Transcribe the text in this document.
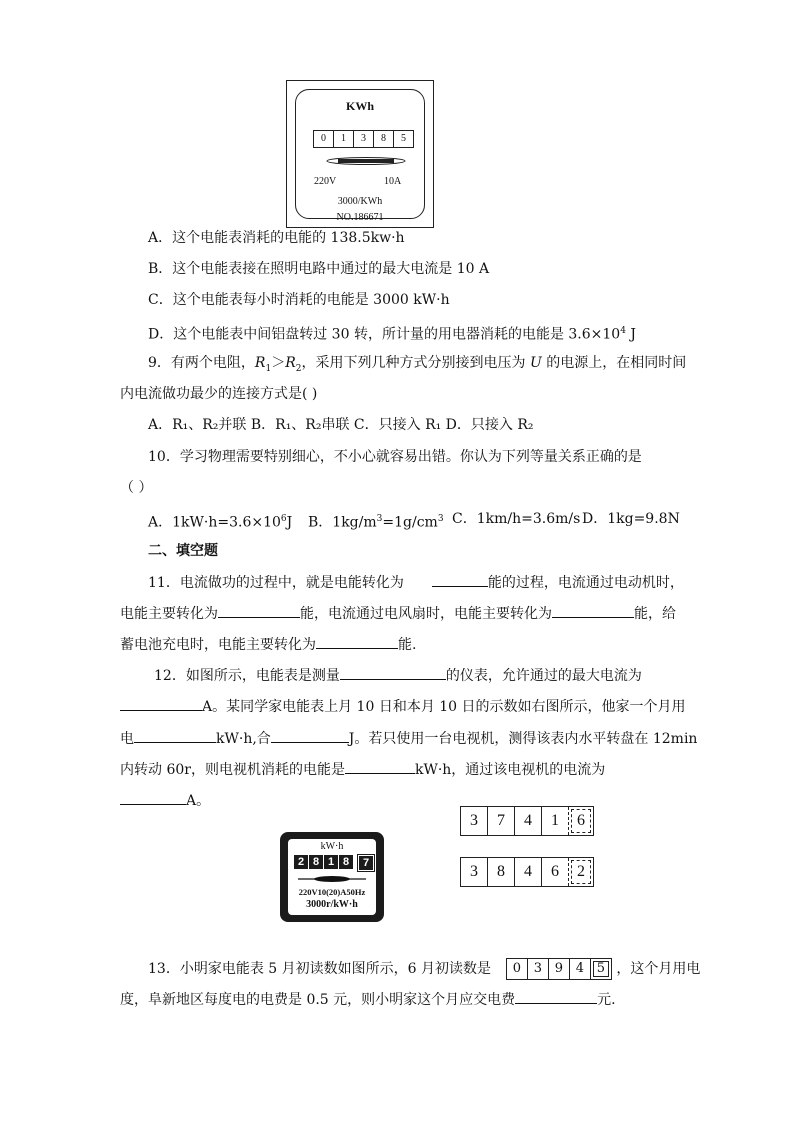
KWh
0	1	3	8	5
220V	10A
3000/KWh
NO.186671
A．这个电能表消耗的电能的 138.5kw·h
B．这个电能表接在照明电路中通过的最大电流是 10 A
C．这个电能表每小时消耗的电能是 3000 kW·h
D．这个电能表中间铝盘转过 30 转，所计量的用电器消耗的电能是 $3.6\times 10^4$ J
9．有两个电阻，$R_1>R_2$，采用下列几种方式分别接到电压为 U 的电源上，在相同时间
内电流做功最少的连接方式是( )
A．R₁、R₂并联 B．R₁、R₂串联 C．只接入 R₁ D．只接入 R₂
10．学习物理需要特别细心，不小心就容易出错。你认为下列等量关系正确的是
（ ）
A．$1kW\cdot h=3.6\times 10^6J$ B．$1kg/m^3=1g/cm^3$ C．1km/h=3.6m/s D．1kg=9.8N
二、填空题
11．电流做功的过程中，就是电能转化为	能的过程，电流通过电动机时，
电能主要转化为	能，电流通过电风扇时，电能主要转化为	能，给
蓄电池充电时，电能主要转化为	能.
12．如图所示，电能表是测量	的仪表，允许通过的最大电流为
A。某同学家电能表上月 10 日和本月 10 日的示数如右图所示，他家一个月用
电	kW·h,合	J。若只使用一台电视机，测得该表内水平转盘在 12min
内转动 60r，则电视机消耗的电能是	kW·h，通过该电视机的电流为
A。
3	7	4	1	6
3	8	4	6	2
kW·h
2 8 1 8	7
220V10(20)A50Hz
3000r/kW·h
13．小明家电能表 5 月初读数如图所示，6 月初读数是	0 3 9 4 5 ，这个月用电
度，阜新地区每度电的电费是 0.5 元，则小明家这个月应交电费	元.
